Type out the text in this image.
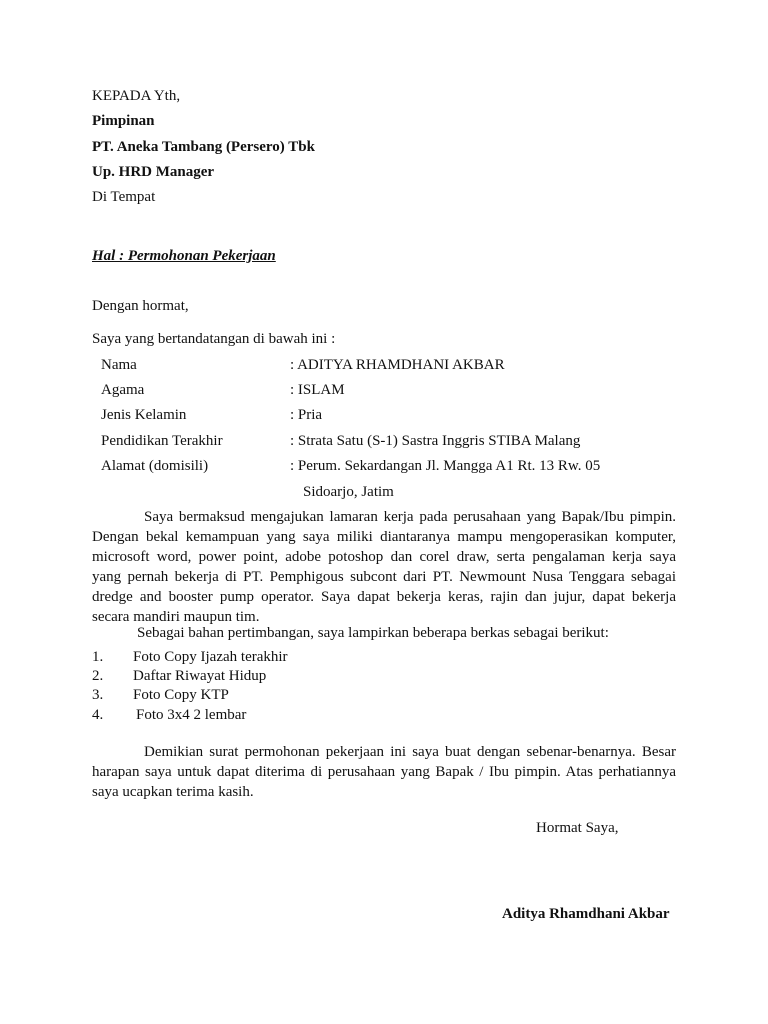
KEPADA Yth,
Pimpinan
PT. Aneka Tambang (Persero) Tbk
Up. HRD Manager
Di Tempat
Hal : Permohonan Pekerjaan
Dengan hormat,
Saya yang bertandatangan di bawah ini :
Nama	: ADITYA RHAMDHANI AKBAR
Agama	: ISLAM
Jenis Kelamin	: Pria
Pendidikan Terakhir	: Strata Satu (S-1) Sastra Inggris STIBA Malang
Alamat (domisili)	: Perum. Sekardangan Jl. Mangga A1 Rt. 13 Rw. 05
Sidoarjo, Jatim
Saya bermaksud mengajukan lamaran kerja pada perusahaan yang Bapak/Ibu pimpin.
Dengan bekal kemampuan yang saya miliki diantaranya mampu mengoperasikan komputer,
microsoft word, power point, adobe potoshop dan corel draw, serta pengalaman kerja saya
yang pernah bekerja di PT. Pemphigous subcont dari PT. Newmount Nusa Tenggara sebagai
dredge and booster pump operator. Saya dapat bekerja keras, rajin dan jujur, dapat bekerja
secara mandiri maupun tim.
Sebagai bahan pertimbangan, saya lampirkan beberapa berkas sebagai berikut:
1. Foto Copy Ijazah terakhir
2. Daftar Riwayat Hidup
3. Foto Copy KTP
4. Foto 3x4 2 lembar
Demikian surat permohonan pekerjaan ini saya buat dengan sebenar-benarnya. Besar
harapan saya untuk dapat diterima di perusahaan yang Bapak / Ibu pimpin. Atas perhatiannya
saya ucapkan terima kasih.
Hormat Saya,
Aditya Rhamdhani Akbar
